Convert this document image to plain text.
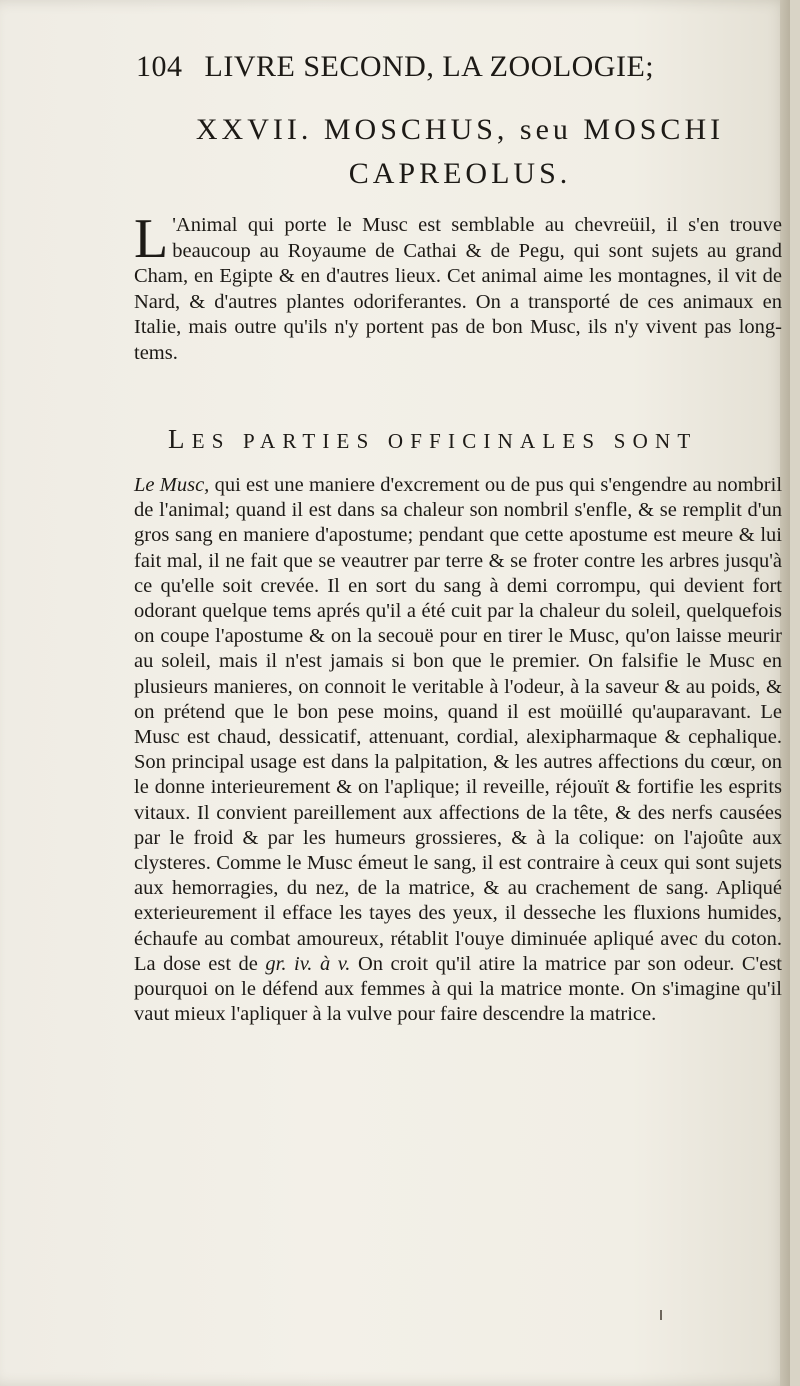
104 LIVRE SECOND, LA ZOOLOGIE;
XXVII. MOSCHUS, seu MOSCHI
CAPREOLUS.
L 'Animal qui porte le Musc est semblable au chevreüil, il s'en trouve beaucoup au Royaume de Cathai & de Pegu, qui sont sujets au grand Cham, en Egipte & en d'autres lieux. Cet animal aime les montagnes, il vit de Nard, & d'autres plantes odoriferantes. On a transporté de ces animaux en Italie, mais outre qu'ils n'y portent pas de bon Musc, ils n'y vivent pas long-tems.
LES PARTIES OFFICINALES SONT
Le Musc, qui est une maniere d'excrement ou de pus qui s'engendre au nombril de l'animal; quand il est dans sa chaleur son nombril s'enfle, & se remplit d'un gros sang en maniere d'apostume; pendant que cette apostume est meure & lui fait mal, il ne fait que se veautrer par terre & se froter contre les arbres jusqu'à ce qu'elle soit crevée. Il en sort du sang à demi corrompu, qui devient fort odorant quelque tems aprés qu'il a été cuit par la chaleur du soleil, quelquefois on coupe l'apostume & on la secouë pour en tirer le Musc, qu'on laisse meurir au soleil, mais il n'est jamais si bon que le premier. On falsifie le Musc en plusieurs manieres, on connoit le veritable à l'odeur, à la saveur & au poids, & on prétend que le bon pese moins, quand il est moüillé qu'auparavant. Le Musc est chaud, dessicatif, attenuant, cordial, alexipharmaque & cephalique. Son principal usage est dans la palpitation, & les autres affections du cœur, on le donne interieurement & on l'aplique; il reveille, réjouït & fortifie les esprits vitaux. Il convient pareillement aux affections de la tête, & des nerfs causées par le froid & par les humeurs grossieres, & à la colique: on l'ajoûte aux clysteres. Comme le Musc émeut le sang, il est contraire à ceux qui sont sujets aux hemorragies, du nez, de la matrice, & au crachement de sang. Apliqué exterieurement il efface les tayes des yeux, il desseche les fluxions humides, échaufe au combat amoureux, rétablit l'ouye diminuée apliqué avec du coton. La dose est de gr. iv. à v. On croit qu'il atire la matrice par son odeur. C'est pourquoi on le défend aux femmes à qui la matrice monte. On s'imagine qu'il vaut mieux l'apliquer à la vulve pour faire descendre la matrice.
